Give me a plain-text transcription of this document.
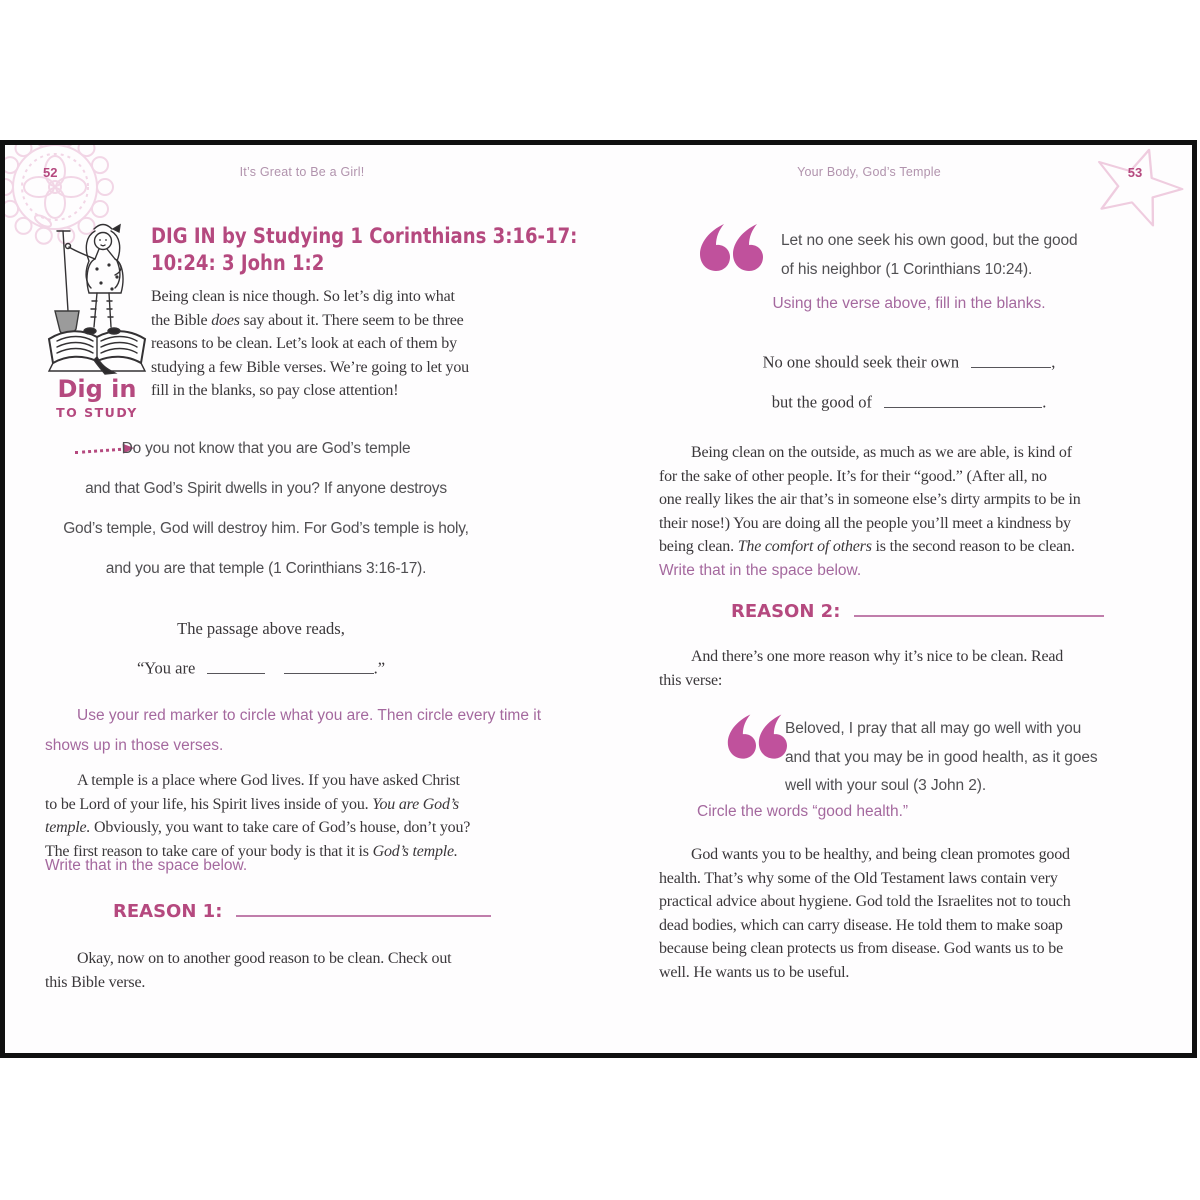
52	It’s Great to Be a Girl!
Dig in
TO STUDY
DIG IN by Studying 1 Corinthians 3:16-17:
10:24: 3 John 1:2
Being clean is nice though. So let’s dig into what
the Bible does say about it. There seem to be three
reasons to be clean. Let’s look at each of them by
studying a few Bible verses. We’re going to let you
fill in the blanks, so pay close attention!
Do you not know that you are God’s temple
and that God’s Spirit dwells in you? If anyone destroys
God’s temple, God will destroy him. For God’s temple is holy,
and you are that temple (1 Corinthians 3:16-17).
The passage above reads,
“You are	.”
Use your red marker to circle what you are. Then circle every time it
shows up in those verses.
A temple is a place where God lives. If you have asked Christ
to be Lord of your life, his Spirit lives inside of you. You are God’s
temple. Obviously, you want to take care of God’s house, don’t you?
The first reason to take care of your body is that it is God’s temple.
Write that in the space below.
REASON 1:
Okay, now on to another good reason to be clean. Check out
this Bible verse.
53
Your Body, God’s Temple
Let no one seek his own good, but the good
of his neighbor (1 Corinthians 10:24).
Using the verse above, fill in the blanks.
No one should seek their own	,
but the good of	.
Being clean on the outside, as much as we are able, is kind of
for the sake of other people. It’s for their “good.” (After all, no
one really likes the air that’s in someone else’s dirty armpits to be in
their nose!) You are doing all the people you’ll meet a kindness by
being clean. The comfort of others is the second reason to be clean.
Write that in the space below.
REASON 2:
And there’s one more reason why it’s nice to be clean. Read
this verse:
Beloved, I pray that all may go well with you
and that you may be in good health, as it goes
well with your soul (3 John 2).
Circle the words “good health.”
God wants you to be healthy, and being clean promotes good
health. That’s why some of the Old Testament laws contain very
practical advice about hygiene. God told the Israelites not to touch
dead bodies, which can carry disease. He told them to make soap
because being clean protects us from disease. God wants us to be
well. He wants us to be useful.
